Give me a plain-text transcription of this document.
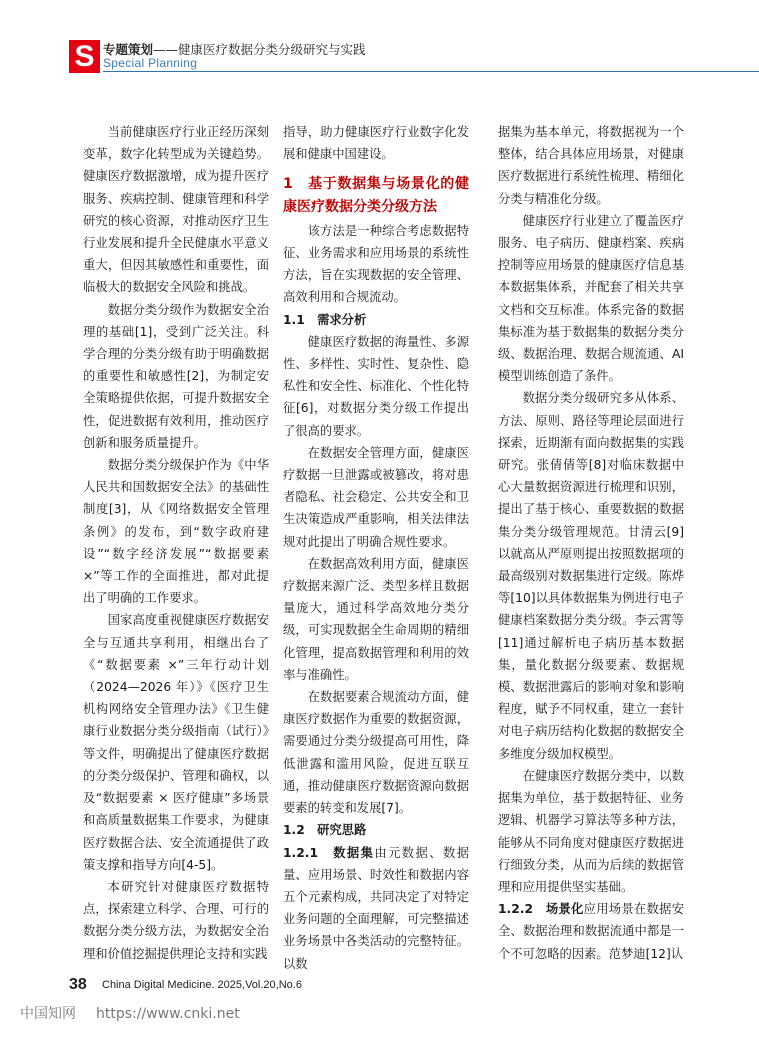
S 专题策划——健康医疗数据分类分级研究与实践
Special Planning

当前健康医疗行业正经历深刻变革，数字化转型成为关键趋势。健康医疗数据激增，成为提升医疗服务、疾病控制、健康管理和科学研究的核心资源，对推动医疗卫生行业发展和提升全民健康水平意义重大，但因其敏感性和重要性，面临极大的数据安全风险和挑战。

数据分类分级作为数据安全治理的基础[1]，受到广泛关注。科学合理的分类分级有助于明确数据的重要性和敏感性[2]，为制定安全策略提供依据，可提升数据安全性，促进数据有效利用，推动医疗创新和服务质量提升。

数据分类分级保护作为《中华人民共和国数据安全法》的基础性制度[3]，从《网络数据安全管理条例》的发布，到“数字政府建设”“数字经济发展”“数据要素 ×”等工作的全面推进，都对此提出了明确的工作要求。

国家高度重视健康医疗数据安全与互通共享利用，相继出台了《“数据要素 ×”三年行动计划（2024—2026 年）》《医疗卫生机构网络安全管理办法》《卫生健康行业数据分类分级指南（试行）》等文件，明确提出了健康医疗数据的分类分级保护、管理和确权，以及“数据要素 × 医疗健康”多场景和高质量数据集工作要求，为健康医疗数据合法、安全流通提供了政策支撑和指导方向[4-5]。

本研究针对健康医疗数据特点，探索建立科学、合理、可行的数据分类分级方法，为数据安全治理和价值挖掘提供理论支持和实践

指导，助力健康医疗行业数字化发展和健康中国建设。

1　基于数据集与场景化的健康医疗数据分类分级方法

该方法是一种综合考虑数据特征、业务需求和应用场景的系统性方法，旨在实现数据的安全管理、高效利用和合规流动。

1.1　需求分析

健康医疗数据的海量性、多源性、多样性、实时性、复杂性、隐私性和安全性、标准化、个性化特征[6]，对数据分类分级工作提出了很高的要求。

在数据安全管理方面，健康医疗数据一旦泄露或被篡改，将对患者隐私、社会稳定、公共安全和卫生决策造成严重影响，相关法律法规对此提出了明确合规性要求。

在数据高效利用方面，健康医疗数据来源广泛、类型多样且数据量庞大，通过科学高效地分类分级，可实现数据全生命周期的精细化管理，提高数据管理和利用的效率与准确性。

在数据要素合规流动方面，健康医疗数据作为重要的数据资源，需要通过分类分级提高可用性，降低泄露和滥用风险，促进互联互通，推动健康医疗数据资源向数据要素的转变和发展[7]。

1.2　研究思路

1.2.1　数据集由元数据、数据量、应用场景、时效性和数据内容五个元素构成，共同决定了对特定业务问题的全面理解，可完整描述业务场景中各类活动的完整特征。以数

据集为基本单元，将数据视为一个整体，结合具体应用场景，对健康医疗数据进行系统性梳理、精细化分类与精准化分级。

健康医疗行业建立了覆盖医疗服务、电子病历、健康档案、疾病控制等应用场景的健康医疗信息基本数据集体系，并配套了相关共享文档和交互标准。体系完备的数据集标准为基于数据集的数据分类分级、数据治理、数据合规流通、AI 模型训练创造了条件。

数据分类分级研究多从体系、方法、原则、路径等理论层面进行探索，近期渐有面向数据集的实践研究。张倩倩等[8]对临床数据中心大量数据资源进行梳理和识别，提出了基于核心、重要数据的数据集分类分级管理规范。甘清云[9]以就高从严原则提出按照数据项的最高级别对数据集进行定级。陈烨等[10]以具体数据集为例进行电子健康档案数据分类分级。李云霄等[11]通过解析电子病历基本数据集，量化数据分级要素、数据规模、数据泄露后的影响对象和影响程度，赋予不同权重，建立一套针对电子病历结构化数据的数据安全多维度分级加权模型。

在健康医疗数据分类中，以数据集为单位，基于数据特征、业务逻辑、机器学习算法等多种方法，能够从不同角度对健康医疗数据进行细致分类，从而为后续的数据管理和应用提供坚实基础。

1.2.2　场景化应用场景在数据安全、数据治理和数据流通中都是一个不可忽略的因素。范梦迪[12]认

38 China Digital Medicine. 2025,Vol.20,No.6
中国知网 https://www.cnki.net
